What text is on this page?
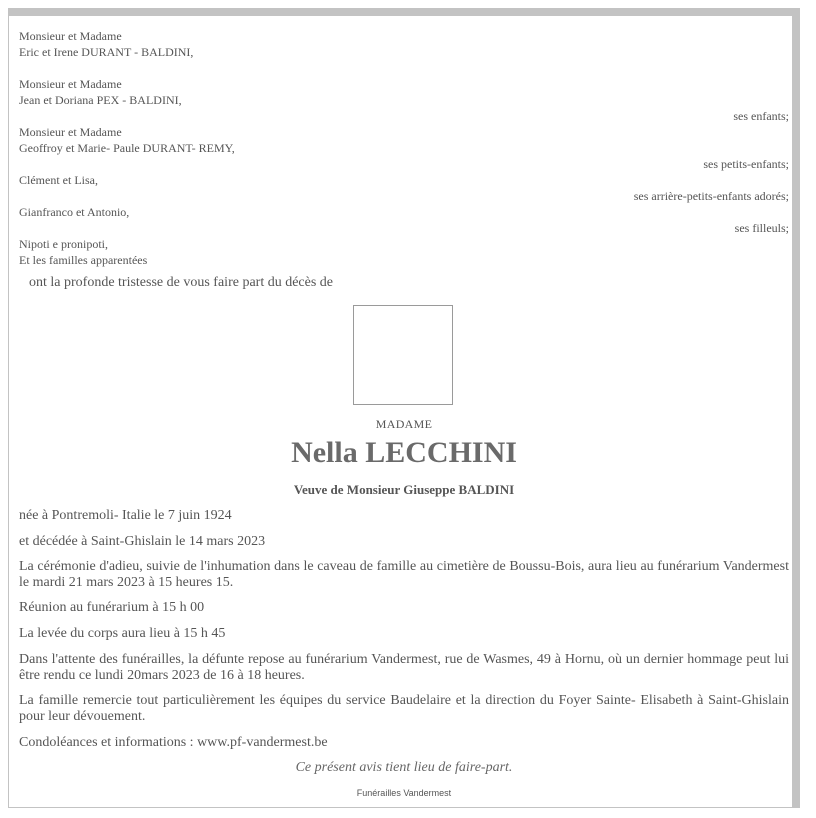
Monsieur et Madame
Eric et Irene DURANT - BALDINI,
Monsieur et Madame
Jean et Doriana PEX - BALDINI,
ses enfants;
Monsieur et Madame
Geoffroy et Marie- Paule DURANT- REMY,
ses petits-enfants;
Clément et Lisa,
ses arrière-petits-enfants adorés;
Gianfranco et Antonio,
ses filleuls;
Nipoti e pronipoti,
Et les familles apparentées
ont la profonde tristesse de vous faire part du décès de
MADAME
Nella LECCHINI
Veuve de Monsieur Giuseppe BALDINI
née à Pontremoli- Italie le 7 juin 1924
et décédée à Saint-Ghislain le 14 mars 2023
La cérémonie d'adieu, suivie de l'inhumation dans le caveau de famille au cimetière de Boussu-Bois, aura lieu au funérarium Vandermest le mardi 21 mars 2023 à 15 heures 15.
Réunion au funérarium à 15 h 00
La levée du corps aura lieu à 15 h 45
Dans l'attente des funérailles, la défunte repose au funérarium Vandermest, rue de Wasmes, 49 à Hornu, où un dernier hommage peut lui être rendu ce lundi 20mars 2023 de 16 à 18 heures.
La famille remercie tout particulièrement les équipes du service Baudelaire et la direction du Foyer Sainte- Elisabeth à Saint-Ghislain pour leur dévouement.
Condoléances et informations : www.pf-vandermest.be
Ce présent avis tient lieu de faire-part.
Funérailles Vandermest
